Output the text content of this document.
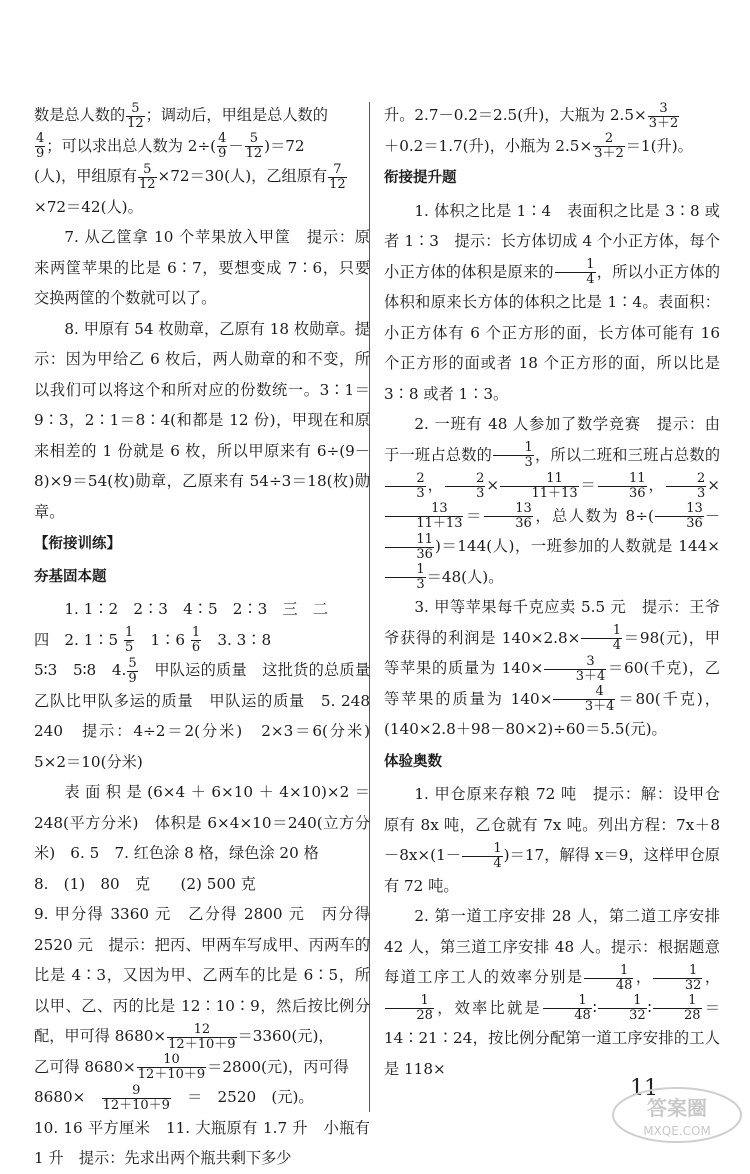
数是总人数的 $\frac{5}{12}$ ；调动后，甲组是总人数的

$\frac{4}{9}$ ；可以求出总人数为 $2\div( \frac{4}{9} - \frac{5}{12} )=72$

(人)，甲组原有 $\frac{5}{12} \times 72=30$(人)，乙组原有 $\frac{7}{12}$

×72＝42(人)。

7. 从乙筐拿 10 个苹果放入甲筐　提示：原来两筐苹果的比是 6∶7，要想变成 7∶6，只要交换两筐的个数就可以了。

8. 甲原有 54 枚勋章，乙原有 18 枚勋章。提示：因为甲给乙 6 枚后，两人勋章的和不变，所以我们可以将这个和所对应的份数统一。3∶1＝9∶3，2∶1＝8∶4(和都是 12 份)，甲现在和原来相差的 1 份就是 6 枚，所以甲原来有 6÷(9－8)×9＝54(枚)勋章，乙原来有 54÷3＝18(枚)勋章。

【衔接训练】

夯基固本题

1. 1∶2　2∶3　4∶5　2∶3　三　二

四　2. 1∶5 $\frac{1}{5}$
　 1∶6 $\frac{1}{6}$
　 3. 3∶8

5∶3　5∶8　4. $\frac{5}{9}$
　 甲队运的质量　这批货的总质量　乙队比甲队多运的质量　甲队运的质量　5. 248　240　提示：4÷2＝2(分米)　2×3＝6(分米)　5×2＝10(分米)

表面积是(6×4＋6×10＋4×10)×2＝248(平方分米)　体积是 6×4×10＝240(立方分米)　6. 5　7. 红色涂 8 格，绿色涂 20 格

8.　(1)　80　克　　(2) 500 克

9. 甲分得 3360 元　乙分得 2800 元　丙分得 2520 元　提示：把丙、甲两车写成甲、丙两车的比是 4∶3，又因为甲、乙两车的比是 6∶5，所以甲、乙、丙的比是 12∶10∶9，然后按比例分配，甲可得 $8680\times \frac{12}{12+10+9} =3360$(元)，

乙可得 $8680\times \frac{10}{12+10+9} =2800$(元)，丙可得

8680×　 $\frac{9}{12+10+9}$
　 ＝　2520　(元)。

10. 16 平方厘米　11. 大瓶原有 1.7 升　小瓶有 1 升　提示：先求出两个瓶共剩下多少

升。2.7－0.2＝2.5(升)，大瓶为 $2.5\times \frac{3}{3+2}$

＋0.2＝1.7(升)，小瓶为 $2.5\times \frac{2}{3+2} =1$(升)。

衔接提升题

1. 体积之比是 1∶4　表面积之比是 3∶8 或者 1∶3　提示：长方体切成 4 个小正方体，每个小正方体的体积是原来的 $\frac{1}{4}$ ，所以小正方体的体积和原来长方体的体积之比是 1∶4。表面积：小正方体有 6 个正方形的面，长方体可能有 16 个正方形的面或者 18 个正方形的面，所以比是 3∶8 或者 1∶3。

2. 一班有 48 人参加了数学竞赛　提示：由于一班占总数的 $\frac{1}{3}$ ，所以二班和三班占总数的
$\frac{2}{3}$ ， $\frac{2}{3} \times \frac{11}{11+13} = \frac{11}{36}$ ， $\frac{2}{3}$ ×
$\frac{13}{11+13} = \frac{13}{36}$ ，总人数为 $8\div( \frac{13}{36}$ －
$\frac{11}{36} )=144$(人)，一班参加的人数就是 144×
$\frac{1}{3} =48$(人)。

3. 甲等苹果每千克应卖 5.5 元　提示：王爷爷获得的利润是 $140\times 2.8\times \frac{1}{4} =98$(元)，甲等苹果的质量为 $140\times \frac{3}{3+4} =60$(千克)，乙等苹果的质量为 $140\times \frac{4}{3+4} =80$(千克)，(140×2.8＋98－80×2)÷60＝5.5(元)。

体验奥数

1. 甲仓原来存粮 72 吨　提示：解：设甲仓原有 8x 吨，乙仓就有 7x 吨。列出方程：$7x+8-8x\times(1- \frac{1}{4} )=17$，解得 x＝9，这样甲仓原有 72 吨。

2. 第一道工序安排 28 人，第二道工序安排 42 人，第三道工序安排 48 人。提示：根据题意每道工序工人的效率分别是 $\frac{1}{48}$ ， $\frac{1}{32}$ ，
$\frac{1}{28}$ ，效率比就是 $\frac{1}{48}$ ∶ $\frac{1}{32}$ ∶ $\frac{1}{28}$ ＝14∶21∶24，按比例分配第一道工序安排的工人是 118×

11
答案圈
MXQE.COM
